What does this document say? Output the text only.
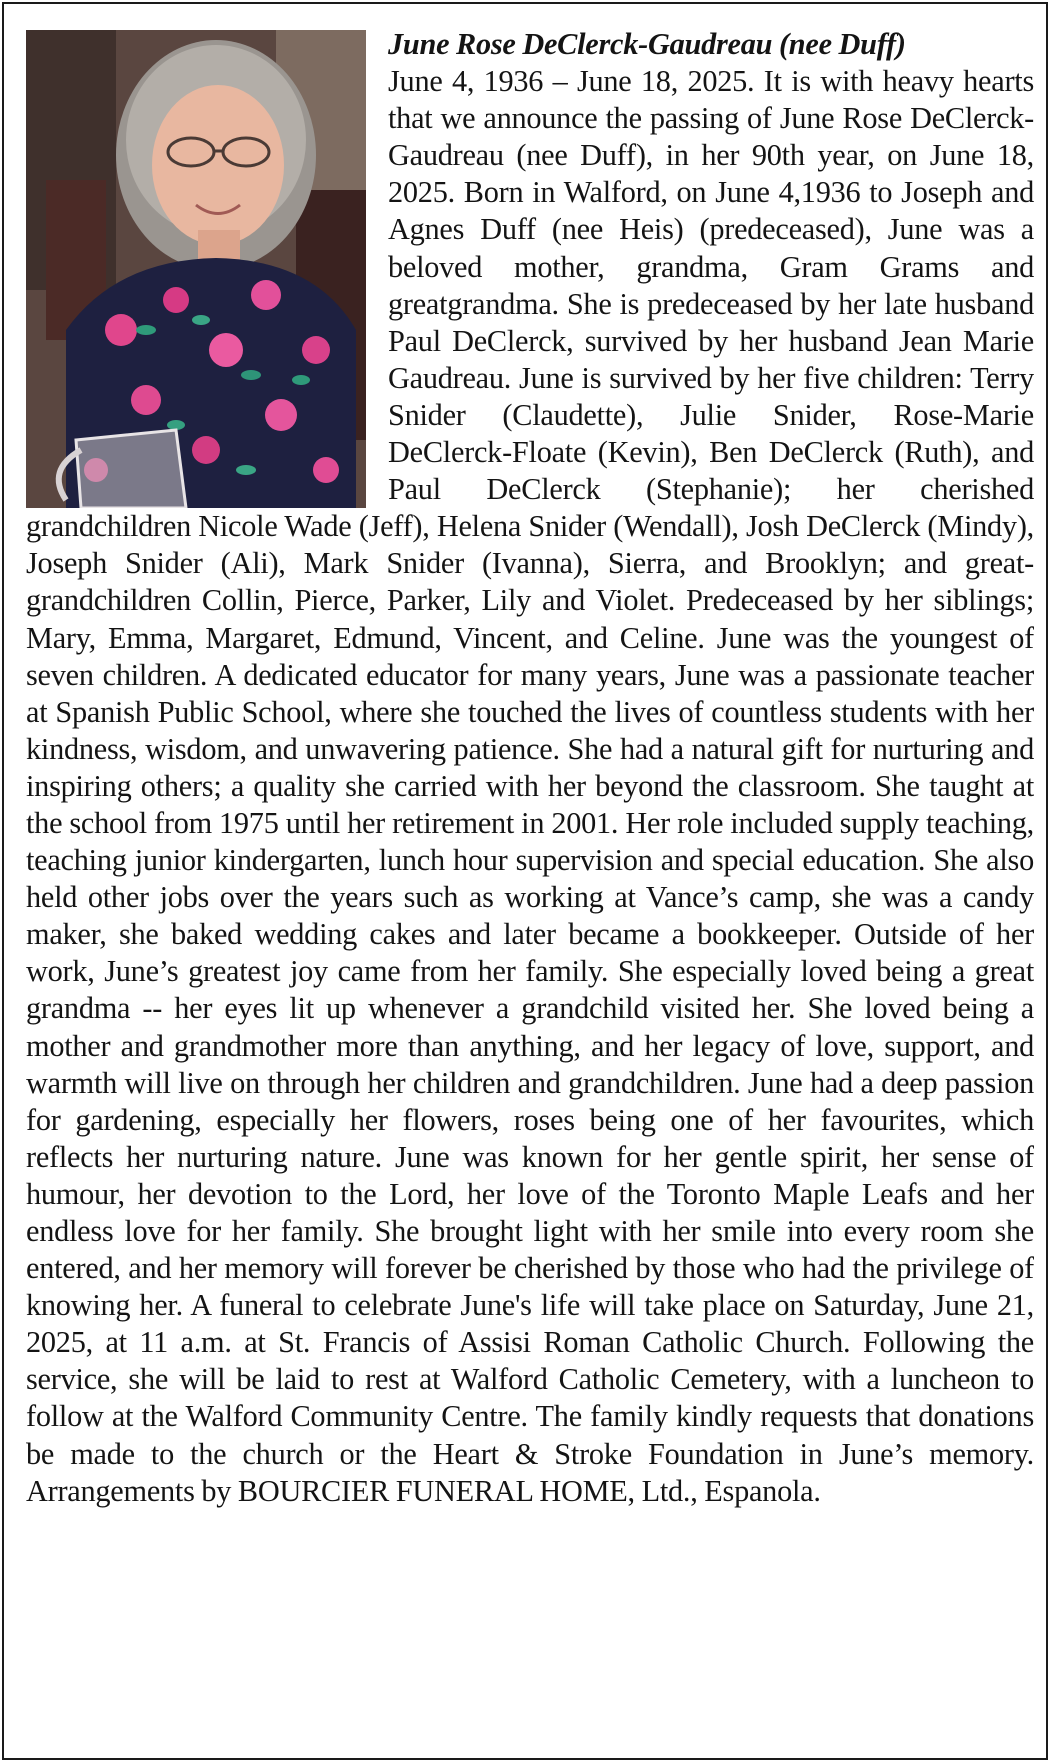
June Rose DeClerck-Gaudreau (nee Duff)
June 4, 1936 – June 18, 2025. It is with heavy hearts that we announce the passing of June Rose DeClerck-Gaudreau (nee Duff), in her 90th year, on June 18, 2025. Born in Walford, on June 4,1936 to Joseph and Agnes Duff (nee Heis) (predeceased), June was a beloved mother, grandma, Gram Grams and greatgrandma. She is predeceased by her late husband Paul DeClerck, survived by her husband Jean Marie Gaudreau. June is survived by her five children: Terry Snider (Claudette), Julie Snider, Rose-Marie DeClerck-Floate (Kevin), Ben DeClerck (Ruth), and Paul DeClerck (Stephanie); her cherished grandchildren Nicole Wade (Jeff), Helena Snider (Wendall), Josh DeClerck (Mindy), Joseph Snider (Ali), Mark Snider (Ivanna), Sierra, and Brooklyn; and great-grandchildren Collin, Pierce, Parker, Lily and Violet. Predeceased by her siblings; Mary, Emma, Margaret, Edmund, Vincent, and Celine. June was the youngest of seven children. A dedicated educator for many years, June was a passionate teacher at Spanish Public School, where she touched the lives of countless students with her kindness, wisdom, and unwavering patience. She had a natural gift for nurturing and inspiring others; a quality she carried with her beyond the classroom. She taught at the school from 1975 until her retirement in 2001. Her role included supply teaching, teaching junior kindergarten, lunch hour supervision and special education. She also held other jobs over the years such as working at Vance’s camp, she was a candy maker, she baked wedding cakes and later became a bookkeeper. Outside of her work, June’s greatest joy came from her family. She especially loved being a great grandma -- her eyes lit up whenever a grandchild visited her. She loved being a mother and grandmother more than anything, and her legacy of love, support, and warmth will live on through her children and grandchildren. June had a deep passion for gardening, especially her flowers, roses being one of her favourites, which reflects her nurturing nature. June was known for her gentle spirit, her sense of humour, her devotion to the Lord, her love of the Toronto Maple Leafs and her endless love for her family. She brought light with her smile into every room she entered, and her memory will forever be cherished by those who had the privilege of knowing her. A funeral to celebrate June's life will take place on Saturday, June 21, 2025, at 11 a.m. at St. Francis of Assisi Roman Catholic Church. Following the service, she will be laid to rest at Walford Catholic Cemetery, with a luncheon to follow at the Walford Community Centre. The family kindly requests that donations be made to the church or the Heart & Stroke Foundation in June’s memory. Arrangements by BOURCIER FUNERAL HOME, Ltd., Espanola.
